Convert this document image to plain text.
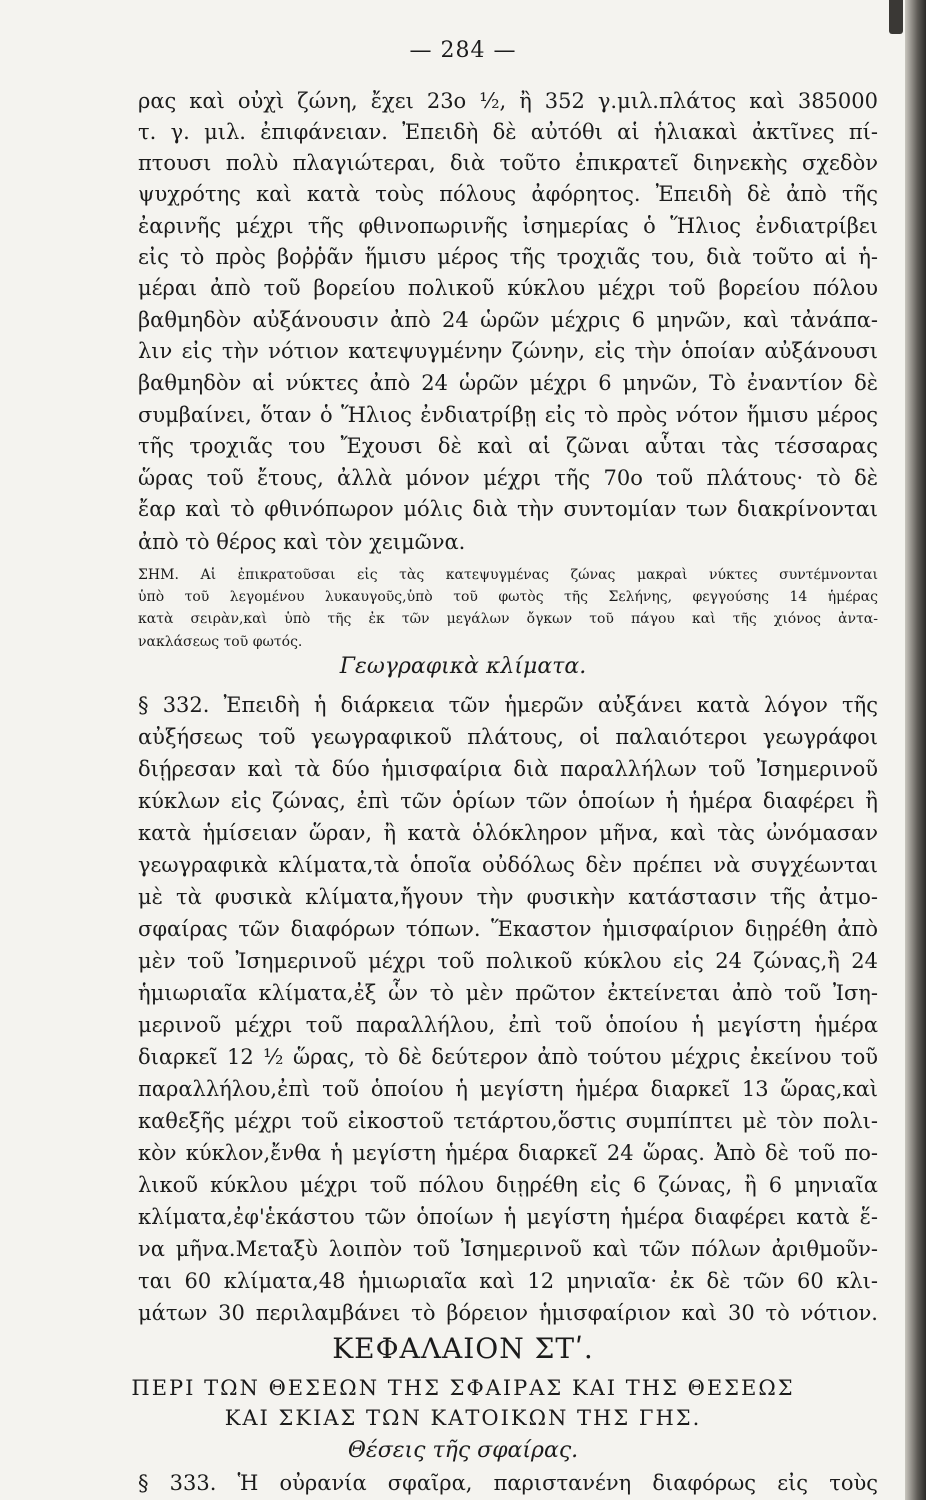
— 284 —
ρας καὶ οὐχὶ ζώνη, ἔχει 23ο ½, ἢ 352 γ.μιλ.πλάτος καὶ 385000
τ. γ. μιλ. ἐπιφάνειαν. Ἐπειδὴ δὲ αὐτόθι αἱ ἡλιακαὶ ἀκτῖνες πί-
πτουσι πολὺ πλαγιώτεραι, διὰ τοῦτο ἐπικρατεῖ διηνεκὴς σχεδὸν
ψυχρότης καὶ κατὰ τοὺς πόλους ἀφόρητος. Ἐπειδὴ δὲ ἀπὸ τῆς
ἐαρινῆς μέχρι τῆς φθινοπωρινῆς ἰσημερίας ὁ Ἥλιος ἐνδιατρίβει
εἰς τὸ πρὸς βοῤῥᾶν ἥμισυ μέρος τῆς τροχιᾶς του, διὰ τοῦτο αἱ ἡ-
μέραι ἀπὸ τοῦ βορείου πολικοῦ κύκλου μέχρι τοῦ βορείου πόλου
βαθμηδὸν αὐξάνουσιν ἀπὸ 24 ὡρῶν μέχρις 6 μηνῶν, καὶ τἀνάπα-
λιν εἰς τὴν νότιον κατεψυγμένην ζώνην, εἰς τὴν ὁποίαν αὐξάνουσι
βαθμηδὸν αἱ νύκτες ἀπὸ 24 ὡρῶν μέχρι 6 μηνῶν, Τὸ ἐναντίον δὲ
συμβαίνει, ὅταν ὁ Ἥλιος ἐνδιατρίβῃ εἰς τὸ πρὸς νότον ἥμισυ μέρος
τῆς τροχιᾶς του Ἔχουσι δὲ καὶ αἱ ζῶναι αὗται τὰς τέσσαρας
ὥρας τοῦ ἔτους, ἀλλὰ μόνον μέχρι τῆς 70ο τοῦ πλάτους· τὸ δὲ
ἔαρ καὶ τὸ φθινόπωρον μόλις διὰ τὴν συντομίαν των διακρίνονται
ἀπὸ τὸ θέρος καὶ τὸν χειμῶνα.
ΣΗΜ. Αἱ ἐπικρατοῦσαι εἰς τὰς κατεψυγμένας ζώνας μακραὶ νύκτες συντέμνονται
ὑπὸ τοῦ λεγομένου λυκαυγοῦς,ὑπὸ τοῦ φωτὸς τῆς Σελήνης, φεγγούσης 14 ἡμέρας
κατὰ σειρὰν,καὶ ὑπὸ τῆς ἐκ τῶν μεγάλων ὄγκων τοῦ πάγου καὶ τῆς χιόνος ἀντα-
νακλάσεως τοῦ φωτός.
Γεωγραφικὰ κλίματα.
§ 332. Ἐπειδὴ ἡ διάρκεια τῶν ἡμερῶν αὐξάνει κατὰ λόγον τῆς
αὐξήσεως τοῦ γεωγραφικοῦ πλάτους, οἱ παλαιότεροι γεωγράφοι
διῄρεσαν καὶ τὰ δύο ἡμισφαίρια διὰ παραλλήλων τοῦ Ἰσημερινοῦ
κύκλων εἰς ζώνας, ἐπὶ τῶν ὁρίων τῶν ὁποίων ἡ ἡμέρα διαφέρει ἢ
κατὰ ἡμίσειαν ὥραν, ἢ κατὰ ὁλόκληρον μῆνα, καὶ τὰς ὠνόμασαν
γεωγραφικὰ κλίματα,τὰ ὁποῖα οὐδόλως δὲν πρέπει νὰ συγχέωνται
μὲ τὰ φυσικὰ κλίματα,ἤγουν τὴν φυσικὴν κατάστασιν τῆς ἀτμο-
σφαίρας τῶν διαφόρων τόπων. Ἕκαστον ἡμισφαίριον διῃρέθη ἀπὸ
μὲν τοῦ Ἰσημερινοῦ μέχρι τοῦ πολικοῦ κύκλου εἰς 24 ζώνας,ἢ 24
ἡμιωριαῖα κλίματα,ἐξ ὧν τὸ μὲν πρῶτον ἐκτείνεται ἀπὸ τοῦ Ἰση-
μερινοῦ μέχρι τοῦ παραλλήλου, ἐπὶ τοῦ ὁποίου ἡ μεγίστη ἡμέρα
διαρκεῖ 12 ½ ὥρας, τὸ δὲ δεύτερον ἀπὸ τούτου μέχρις ἐκείνου τοῦ
παραλλήλου,ἐπὶ τοῦ ὁποίου ἡ μεγίστη ἡμέρα διαρκεῖ 13 ὥρας,καὶ
καθεξῆς μέχρι τοῦ εἰκοστοῦ τετάρτου,ὅστις συμπίπτει μὲ τὸν πολι-
κὸν κύκλον,ἔνθα ἡ μεγίστη ἡμέρα διαρκεῖ 24 ὥρας. Ἀπὸ δὲ τοῦ πο-
λικοῦ κύκλου μέχρι τοῦ πόλου διῃρέθη εἰς 6 ζώνας, ἢ 6 μηνιαῖα
κλίματα,ἐφ'ἑκάστου τῶν ὁποίων ἡ μεγίστη ἡμέρα διαφέρει κατὰ ἕ-
να μῆνα.Μεταξὺ λοιπὸν τοῦ Ἰσημερινοῦ καὶ τῶν πόλων ἀριθμοῦν-
ται 60 κλίματα,48 ἡμιωριαῖα καὶ 12 μηνιαῖα· ἐκ δὲ τῶν 60 κλι-
μάτων 30 περιλαμβάνει τὸ βόρειον ἡμισφαίριον καὶ 30 τὸ νότιον.
ΚΕΦΑΛΑΙΟΝ ΣΤʹ.
ΠΕΡΙ ΤΩΝ ΘΕΣΕΩΝ ΤΗΣ ΣΦΑΙΡΑΣ ΚΑΙ ΤΗΣ ΘΕΣΕΩΣ
ΚΑΙ ΣΚΙΑΣ ΤΩΝ ΚΑΤΟΙΚΩΝ ΤΗΣ ΓΗΣ.
Θέσεις τῆς σφαίρας.
§ 333. Ἡ οὐρανία σφαῖρα, παριστανένη διαφόρως εἰς τοὺς
